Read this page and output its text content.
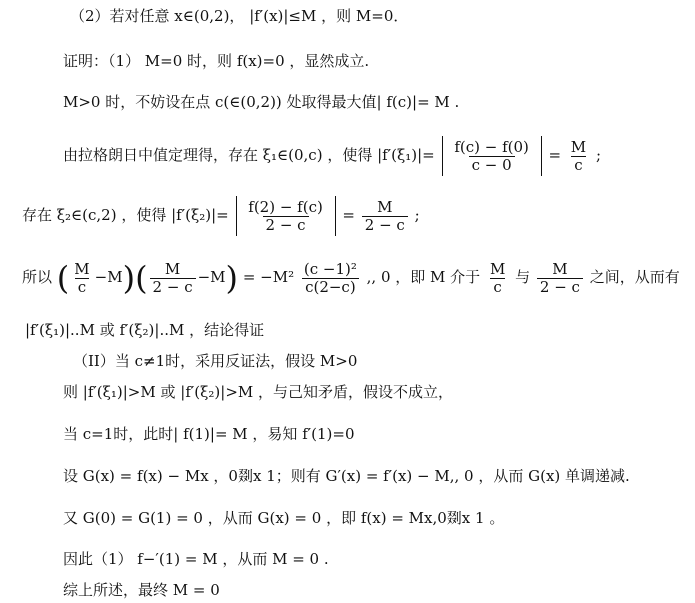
（2）若对任意 x∈(0,2)， |f′(x)|≤M ，则 M=0．
证明：（1） M=0 时，则 f(x)=0 ，显然成立.
M>0 时，不妨设在点 c(∈(0,2)) 处取得最大值| f(c)|= M .
由拉格朗日中值定理得，存在 ξ₁∈(0,c) ，使得 $|f'(\xi_1)|= \frac{f(c) - f(0)}{c - 0} = \frac{M}{c}$ ;
存在 ξ₂∈(c,2) ，使得 $|f'(\xi_2)|= \frac{f(2) - f(c)}{2 - c} = \frac{M}{2 - c}$ ;
所以 ( $\frac{M}{c} -M)( \frac{M}{2 - c} -M) = -M^2 \frac{\text{(c −1)²}}{c(2-c)}$ ,, 0 ，即 M 介于 $\frac{M}{c}$ 与 $\frac{M}{2 - c}$ 之间，从而有
|f′(ξ₁)|..M 或 f′(ξ₂)|..M ，结论得证
（II）当 c≠1时，采用反证法，假设 M>0
则 |f′(ξ₁)|>M 或 |f′(ξ₂)|>M ，与己知矛盾，假设不成立，
当 c=1时，此时| f(1)|= M ，易知 f′(1)=0
设 G(x) = f(x) − Mx ，0剟x 1；则有 G′(x) = f′(x) − M,, 0 ，从而 G(x) 单调递减.
又 G(0) = G(1) = 0 ，从而 G(x) = 0 ，即 f(x) = Mx,0剟x 1 。
因此（1） f−′(1) = M ，从而 M = 0 .
综上所述，最终 M = 0
